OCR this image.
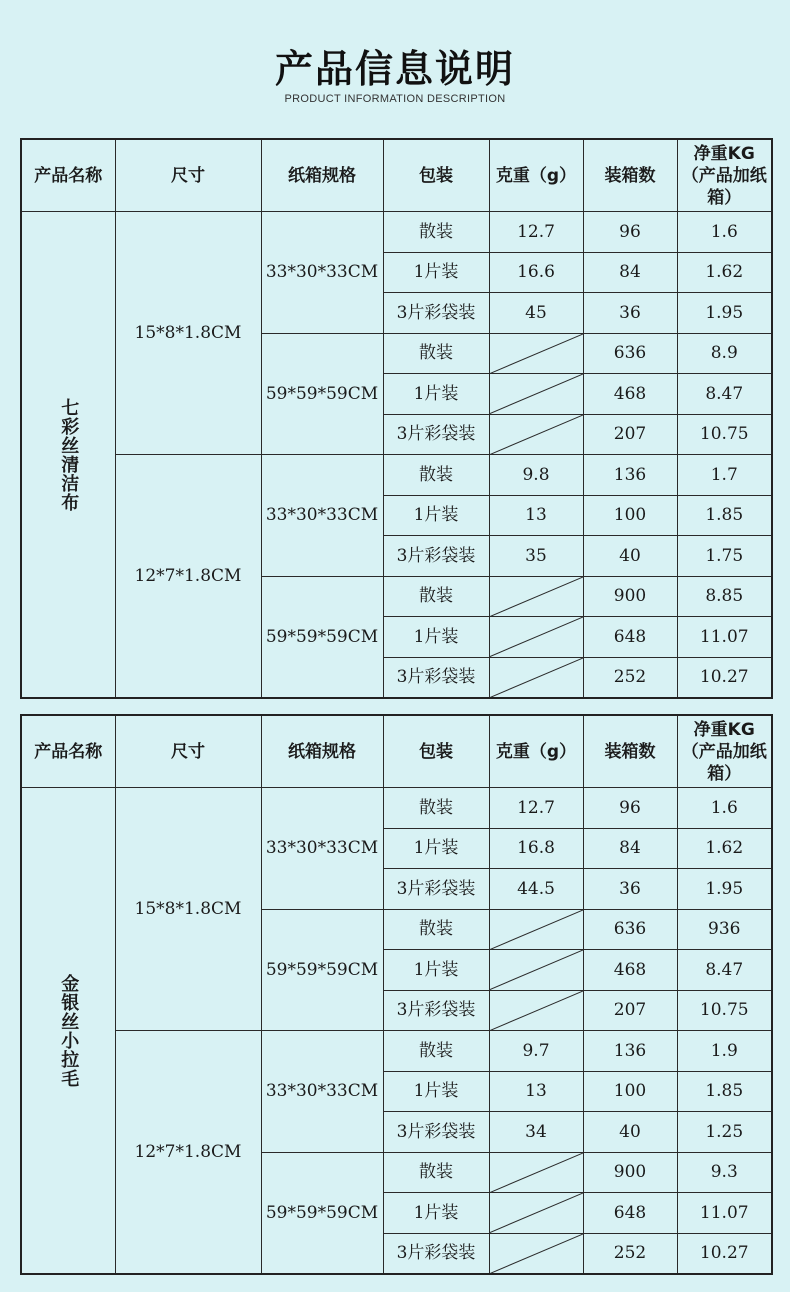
产品信息说明
PRODUCT INFORMATION DESCRIPTION
产品名称	尺寸	纸箱规格	包装	克重（g）	装箱数	净重KG（产品加纸箱）

七彩丝清洁布	15*8*1.8CM	33*30*33CM	散装	12.7	96	1.6
			1片装	16.6	84	1.62
			3片彩袋装	45	36	1.95
		59*59*59CM	散装		636	8.9
			1片装		468	8.47
			3片彩袋装		207	10.75
	12*7*1.8CM	33*30*33CM	散装	9.8	136	1.7
			1片装	13	100	1.85
			3片彩袋装	35	40	1.75
		59*59*59CM	散装		900	8.85
			1片装		648	11.07
			3片彩袋装		252	10.27
产品名称	尺寸	纸箱规格	包装	克重（g）	装箱数	净重KG（产品加纸箱）

金银丝小拉毛	15*8*1.8CM	33*30*33CM	散装	12.7	96	1.6
			1片装	16.8	84	1.62
			3片彩袋装	44.5	36	1.95
		59*59*59CM	散装		636	936
			1片装		468	8.47
			3片彩袋装		207	10.75
	12*7*1.8CM	33*30*33CM	散装	9.7	136	1.9
			1片装	13	100	1.85
			3片彩袋装	34	40	1.25
		59*59*59CM	散装		900	9.3
			1片装		648	11.07
			3片彩袋装		252	10.27
